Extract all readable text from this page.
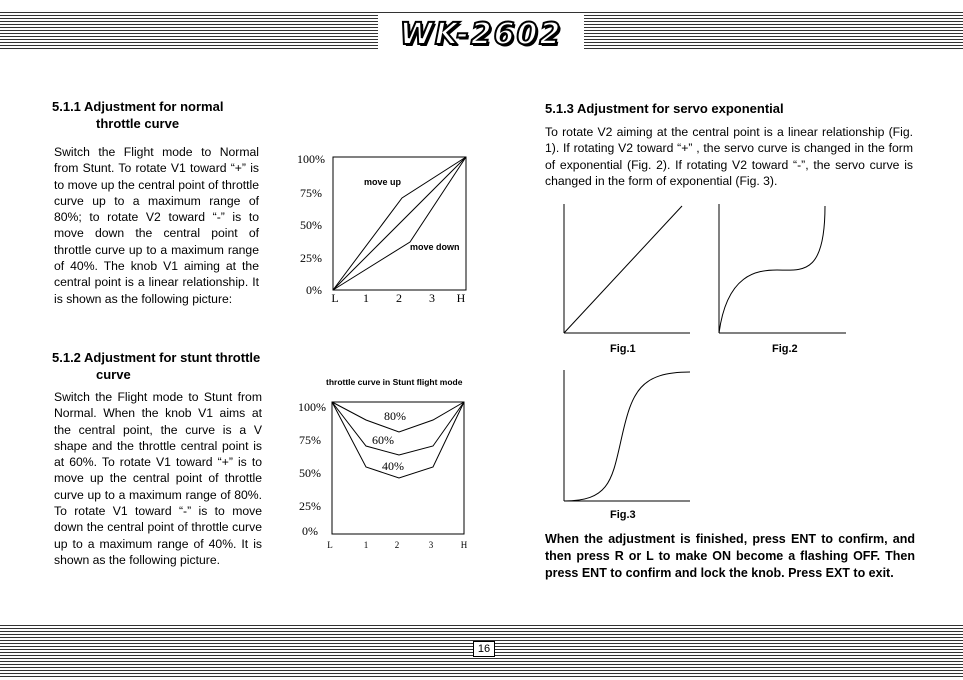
WK-2602
5.1.1 Adjustment for normal
throttle curve
Switch the Flight mode to Normal from Stunt. To rotate V1 toward “+” is to move up the central point of throttle curve up to a maximum range of 80%; to rotate V2 toward “-” is to move down the central point of throttle curve up to a maximum range of 40%. The knob V1 aiming at the central point is a linear relationship. It is shown as the following picture:
100%
75%
50%
25%
0%
L 1 2 3 H
move up
move down
5.1.2 Adjustment for stunt throttle
curve
Switch the Flight mode to Stunt from Normal. When the knob V1 aims at the central point, the curve is a V shape and the throttle central point is at 60%. To rotate V1 toward “+” is to move up the central point of throttle curve up to a maximum range of 80%. To rotate V1 toward “-” is to move down the central point of throttle curve up to a maximum range of 40%. It is shown as the following picture.
throttle curve in Stunt flight mode
100%
75%
50%
25%
0%
80%
60%
40%
L	1	2	3	H
5.1.3 Adjustment for servo exponential
To rotate V2 aiming at the central point is a linear relationship (Fig. 1). If rotating V2 toward “+” , the servo curve is changed in the form of exponential (Fig. 2). If rotating V2 toward “-”, the servo curve is changed in the form of exponential (Fig. 3).
Fig.1	Fig.2
Fig.3
When the adjustment is finished, press ENT to confirm, and then press R or L to make ON become a flashing OFF. Then press ENT to confirm and lock the knob. Press EXT to exit.
16
